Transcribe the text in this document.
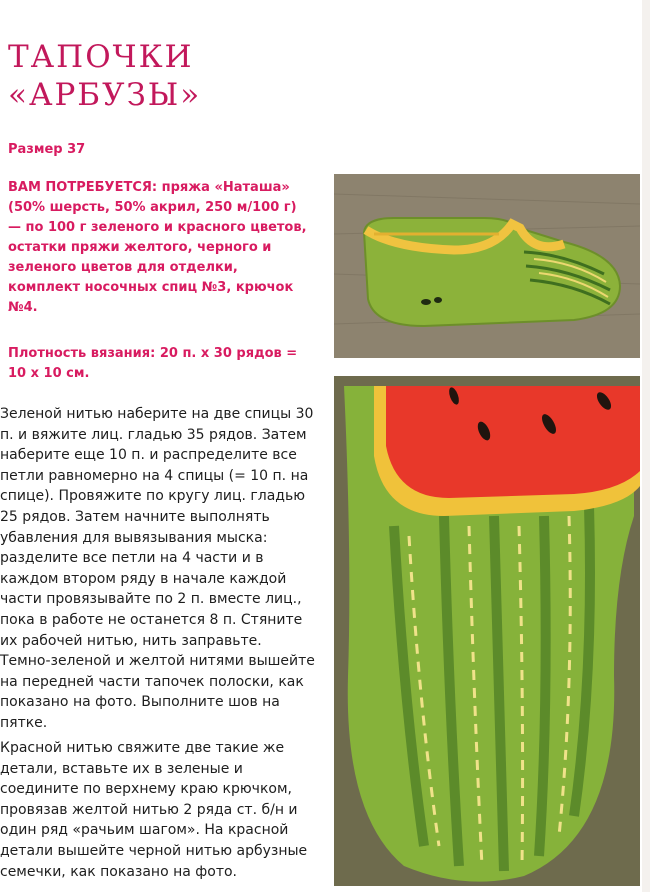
ТАПОЧКИ
«АРБУЗЫ»

Размер 37

ВАМ ПОТРЕБУЕТСЯ: пряжа «Наташа» (50% шерсть, 50% акрил, 250 м/100 г) — по 100 г зеленого и красного цветов, остатки пряжи желтого, черного и зеленого цветов для отделки, комплект носочных спиц №3, крючок №4.

Плотность вязания: 20 п. х 30 рядов = 10 х 10 см.

Зеленой нитью наберите на две спицы 30 п. и вяжите лиц. гладью 35 рядов. Затем наберите еще 10 п. и распределите все петли равномерно на 4 спицы (= 10 п. на спице). Провяжите по кругу лиц. гладью 25 рядов. Затем начните выполнять убавления для вывязывания мыска: разделите все петли на 4 части и в каждом втором ряду в начале каждой части провязывайте по 2 п. вместе лиц., пока в работе не останется 8 п. Стяните их рабочей нитью, нить заправьте. Темно-зеленой и желтой нитями вышейте на передней части тапочек полоски, как показано на фото. Выполните шов на пятке.

Красной нитью свяжите две такие же детали, вставьте их в зеленые и соедините по верхнему краю крючком, провязав желтой нитью 2 ряда ст. б/н и один ряд «рачьим шагом». На красной детали вышейте черной нитью арбузные семечки, как показано на фото.
